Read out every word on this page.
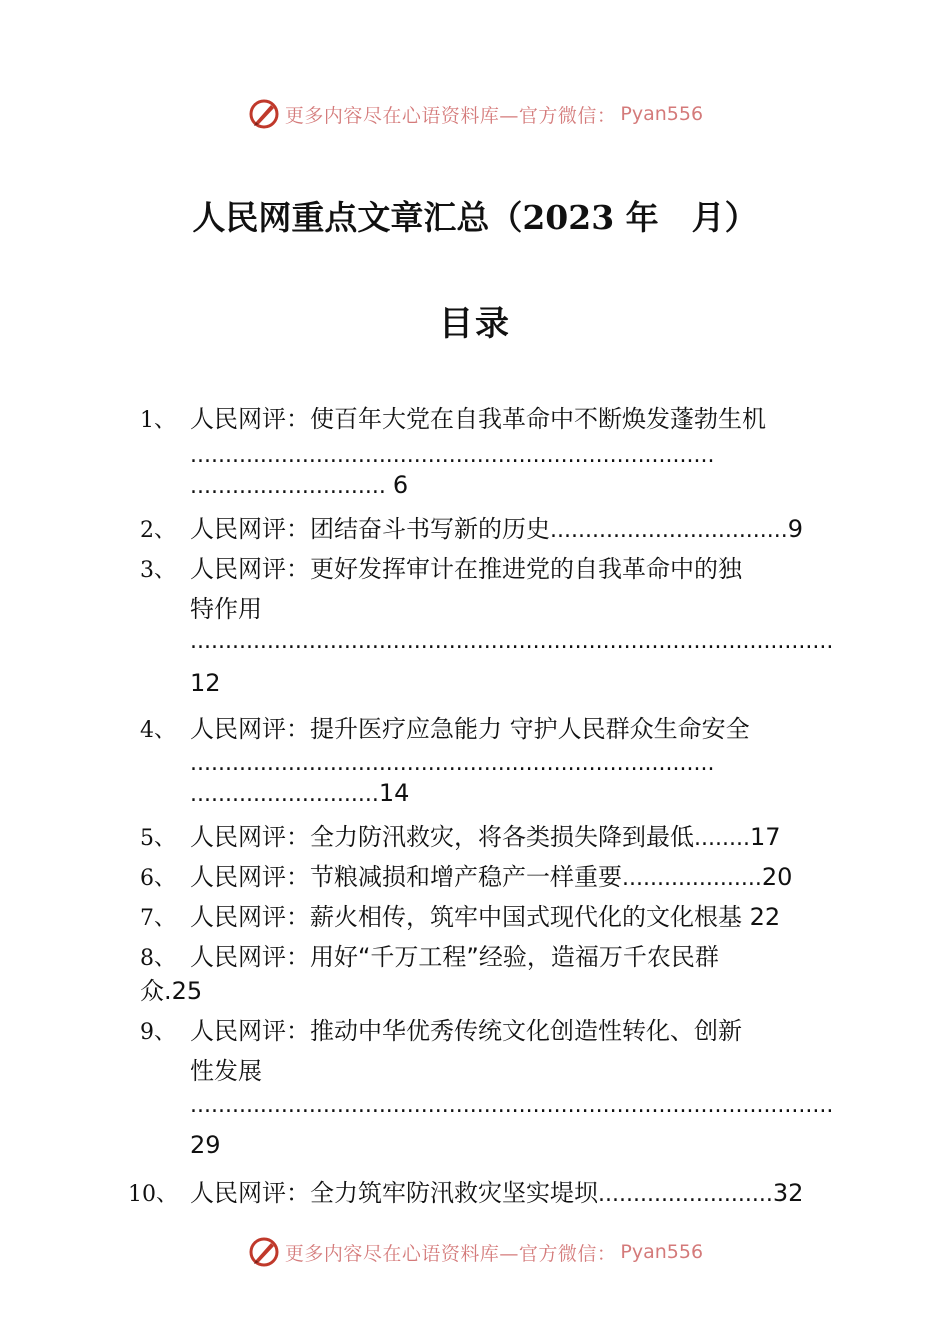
更多内容尽在心语资料库—官方微信： Pyan556
人民网重点文章汇总（2023 年　月）
目录
1、 人民网评：使百年大党在自我革命中不断焕发蓬勃生机
...........................................................................
............................ 6
2、 人民网评：团结奋斗书写新的历史..................................9
3、 人民网评：更好发挥审计在推进党的自我革命中的独
特作用
............................................................................................
12
4、 人民网评：提升医疗应急能力 守护人民群众生命安全
...........................................................................
...........................14
5、 人民网评：全力防汛救灾，将各类损失降到最低........17
6、 人民网评：节粮减损和增产稳产一样重要....................20
7、 人民网评：薪火相传，筑牢中国式现代化的文化根基 22
8、 人民网评：用好“千万工程”经验，造福万千农民群
众.25
9、 人民网评：推动中华优秀传统文化创造性转化、创新
性发展
............................................................................................
29
10、 人民网评：全力筑牢防汛救灾坚实堤坝.........................32
更多内容尽在心语资料库—官方微信： Pyan556
